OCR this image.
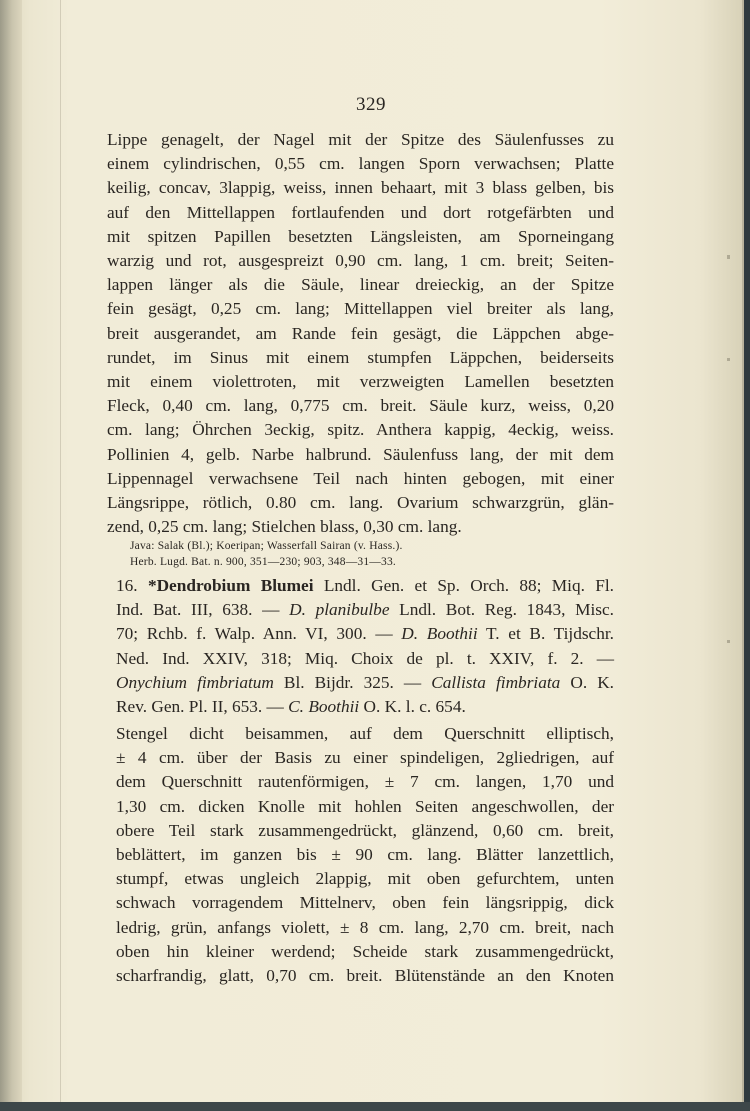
329
Lippe genagelt, der Nagel mit der Spitze des Säulenfusses zu
einem cylindrischen, 0,55 cm. langen Sporn verwachsen; Platte
keilig, concav, 3lappig, weiss, innen behaart, mit 3 blass gelben, bis
auf den Mittellappen fortlaufenden und dort rotgefärbten und
mit spitzen Papillen besetzten Längsleisten, am Sporneingang
warzig und rot, ausgespreizt 0,90 cm. lang, 1 cm. breit; Seiten-
lappen länger als die Säule, linear dreieckig, an der Spitze
fein gesägt, 0,25 cm. lang; Mittellappen viel breiter als lang,
breit ausgerandet, am Rande fein gesägt, die Läppchen abge-
rundet, im Sinus mit einem stumpfen Läppchen, beiderseits
mit einem violettroten, mit verzweigten Lamellen besetzten
Fleck, 0,40 cm. lang, 0,775 cm. breit. Säule kurz, weiss, 0,20
cm. lang; Öhrchen 3eckig, spitz. Anthera kappig, 4eckig, weiss.
Pollinien 4, gelb. Narbe halbrund. Säulenfuss lang, der mit dem
Lippennagel verwachsene Teil nach hinten gebogen, mit einer
Längsrippe, rötlich, 0.80 cm. lang. Ovarium schwarzgrün, glän-
zend, 0,25 cm. lang; Stielchen blass, 0,30 cm. lang.
Java: Salak (Bl.); Koeripan; Wasserfall Sairan (v. Hass.).
Herb. Lugd. Bat. n. 900, 351—230; 903, 348—31—33.
16. *Dendrobium Blumei Lndl. Gen. et Sp. Orch. 88; Miq. Fl.
Ind. Bat. III, 638. — D. planibulbe Lndl. Bot. Reg. 1843, Misc.
70; Rchb. f. Walp. Ann. VI, 300. — D. Boothii T. et B. Tijdschr.
Ned. Ind. XXIV, 318; Miq. Choix de pl. t. XXIV, f. 2. —
Onychium fimbriatum Bl. Bijdr. 325. — Callista fimbriata O. K.
Rev. Gen. Pl. II, 653. — C. Boothii O. K. l. c. 654.
Stengel dicht beisammen, auf dem Querschnitt elliptisch,
± 4 cm. über der Basis zu einer spindeligen, 2gliedrigen, auf
dem Querschnitt rautenförmigen, ± 7 cm. langen, 1,70 und
1,30 cm. dicken Knolle mit hohlen Seiten angeschwollen, der
obere Teil stark zusammengedrückt, glänzend, 0,60 cm. breit,
beblättert, im ganzen bis ± 90 cm. lang. Blätter lanzettlich,
stumpf, etwas ungleich 2lappig, mit oben gefurchtem, unten
schwach vorragendem Mittelnerv, oben fein längsrippig, dick
ledrig, grün, anfangs violett, ± 8 cm. lang, 2,70 cm. breit, nach
oben hin kleiner werdend; Scheide stark zusammengedrückt,
scharfrandig, glatt, 0,70 cm. breit. Blütenstände an den Knoten
